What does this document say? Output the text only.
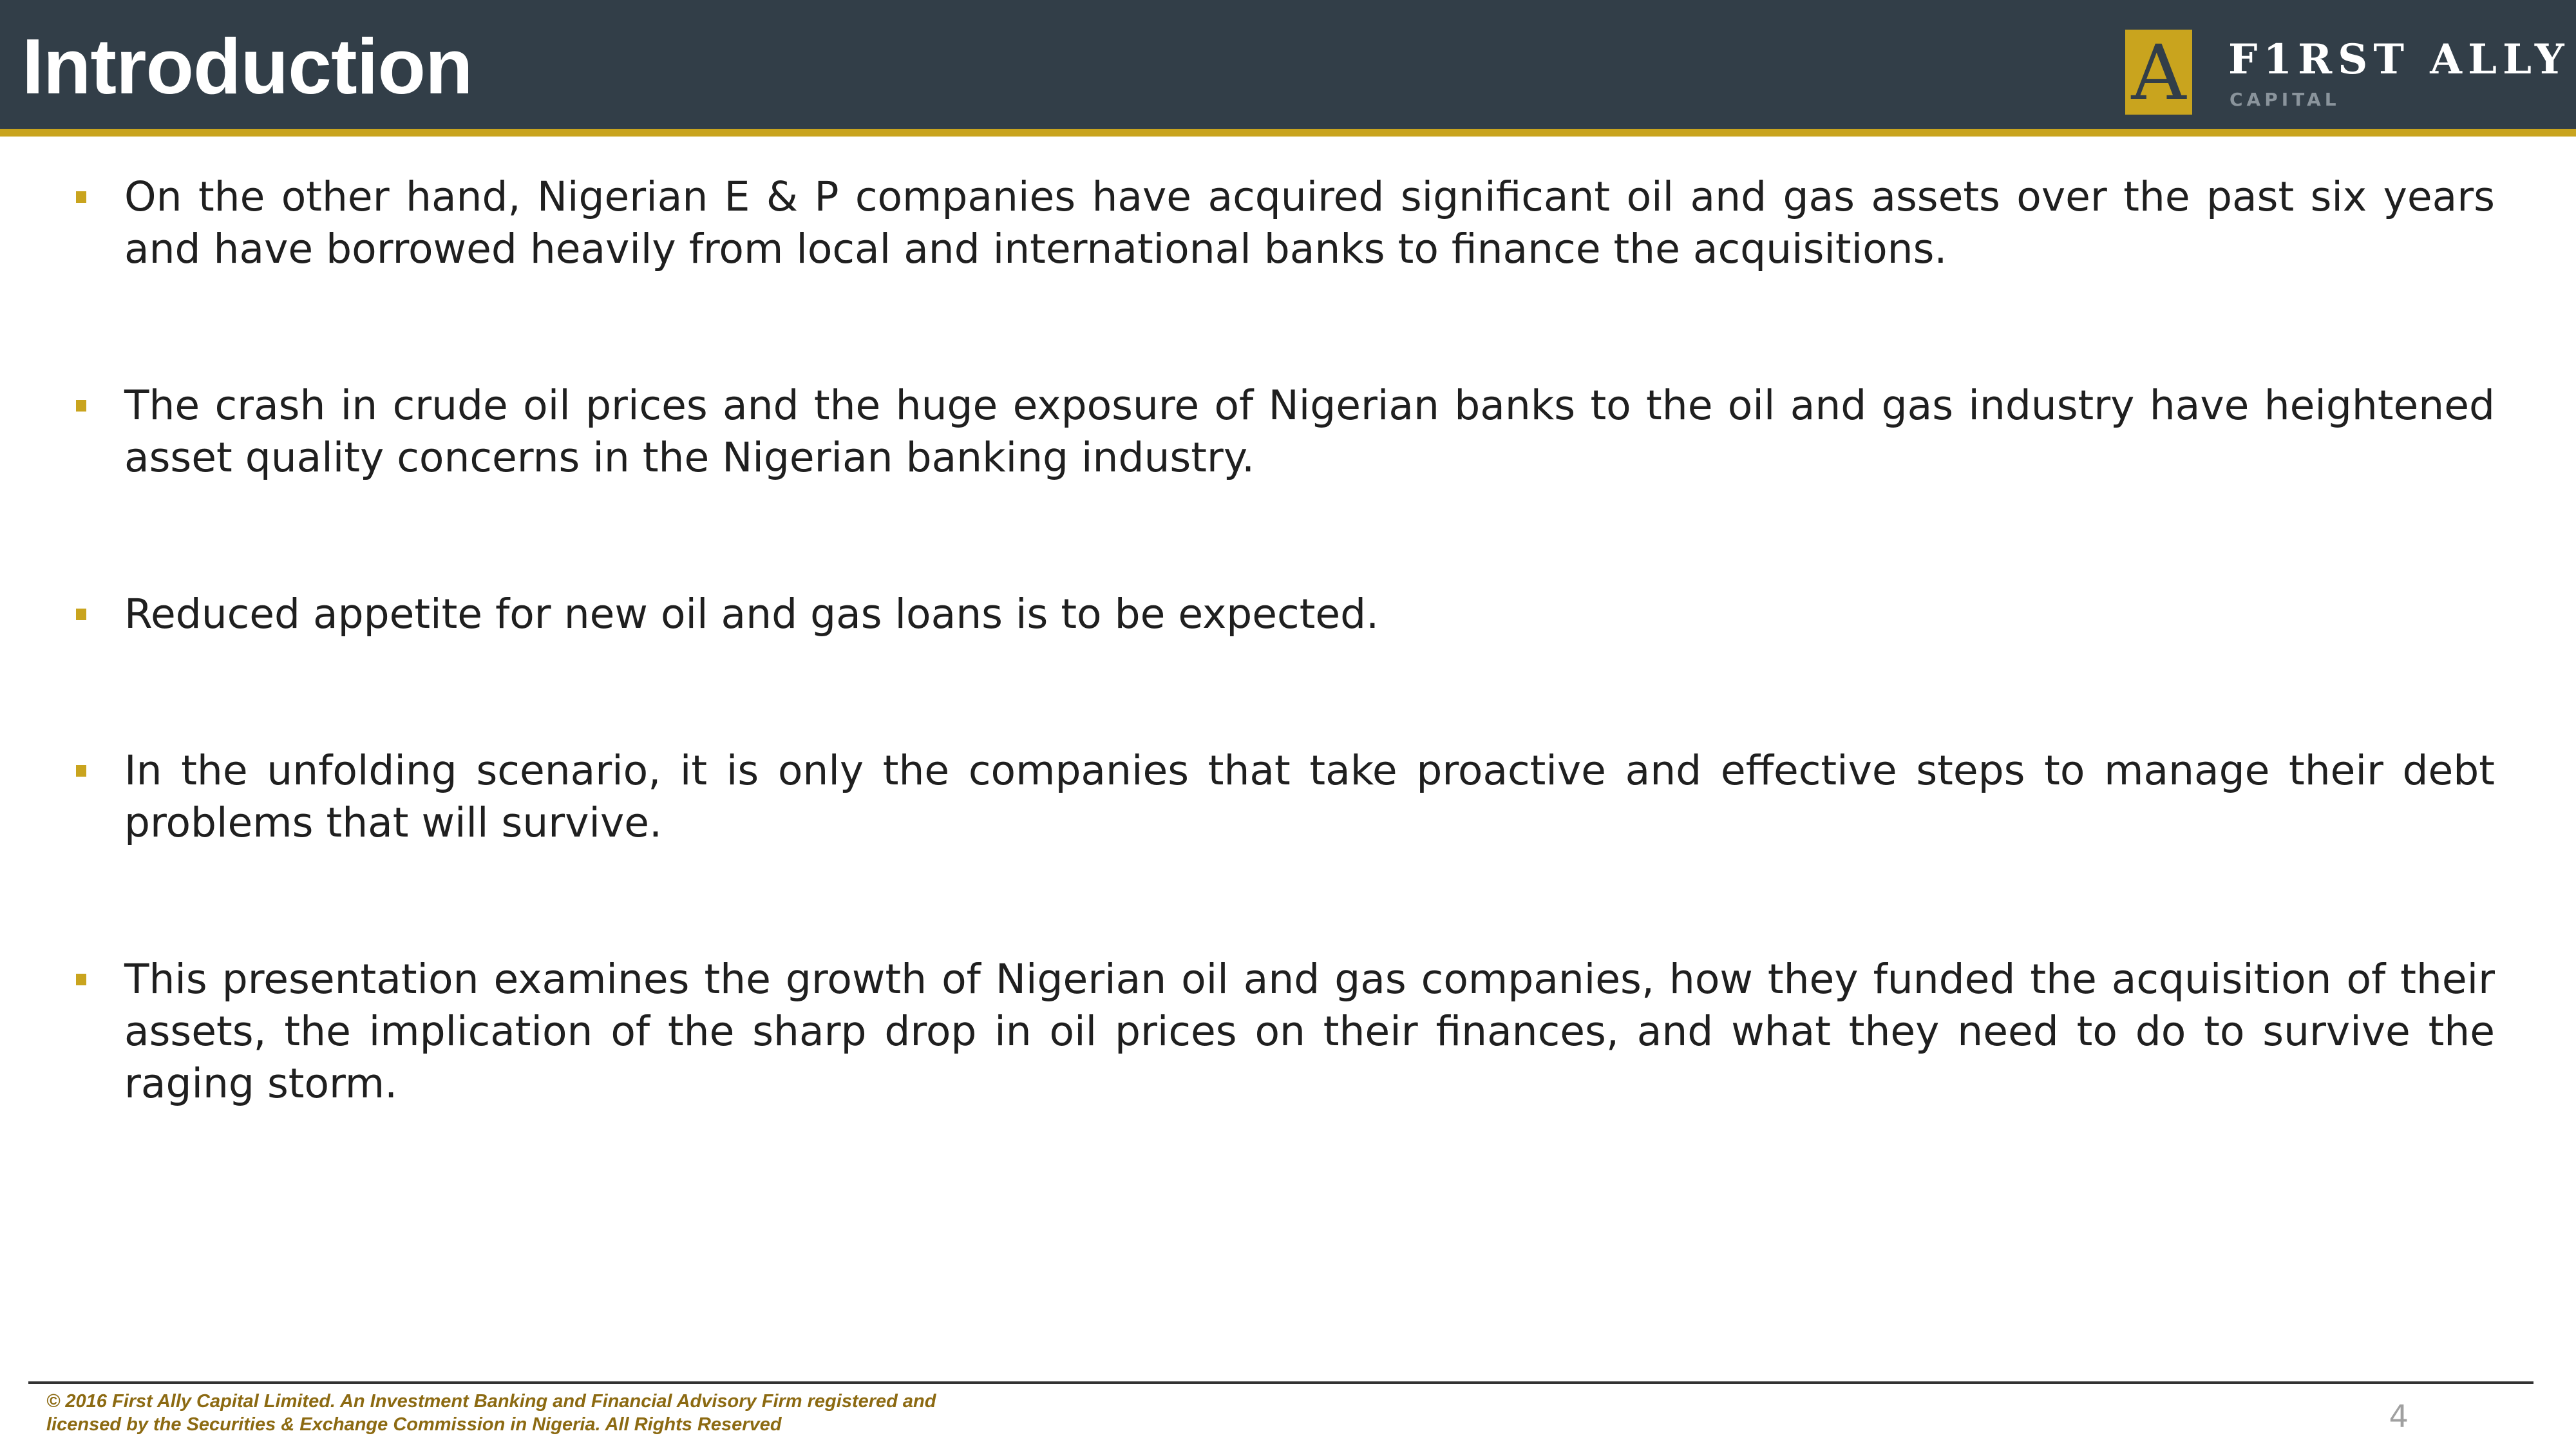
Introduction	A F1RST ALLY
CAPITAL
On the other hand, Nigerian E & P companies have acquired significant oil and gas assets over the past six years and have borrowed heavily from local and international banks to finance the acquisitions.
The crash in crude oil prices and the huge exposure of Nigerian banks to the oil and gas industry have heightened asset quality concerns in the Nigerian banking industry.
Reduced appetite for new oil and gas loans is to be expected.
In the unfolding scenario, it is only the companies that take proactive and effective steps to manage their debt problems that will survive.
This presentation examines the growth of Nigerian oil and gas companies, how they funded the acquisition of their assets, the implication of the sharp drop in oil prices on their finances, and what they need to do to survive the raging storm.
© 2016 First Ally Capital Limited. An Investment Banking and Financial Advisory Firm registered and
licensed by the Securities & Exchange Commission in Nigeria. All Rights Reserved	4
